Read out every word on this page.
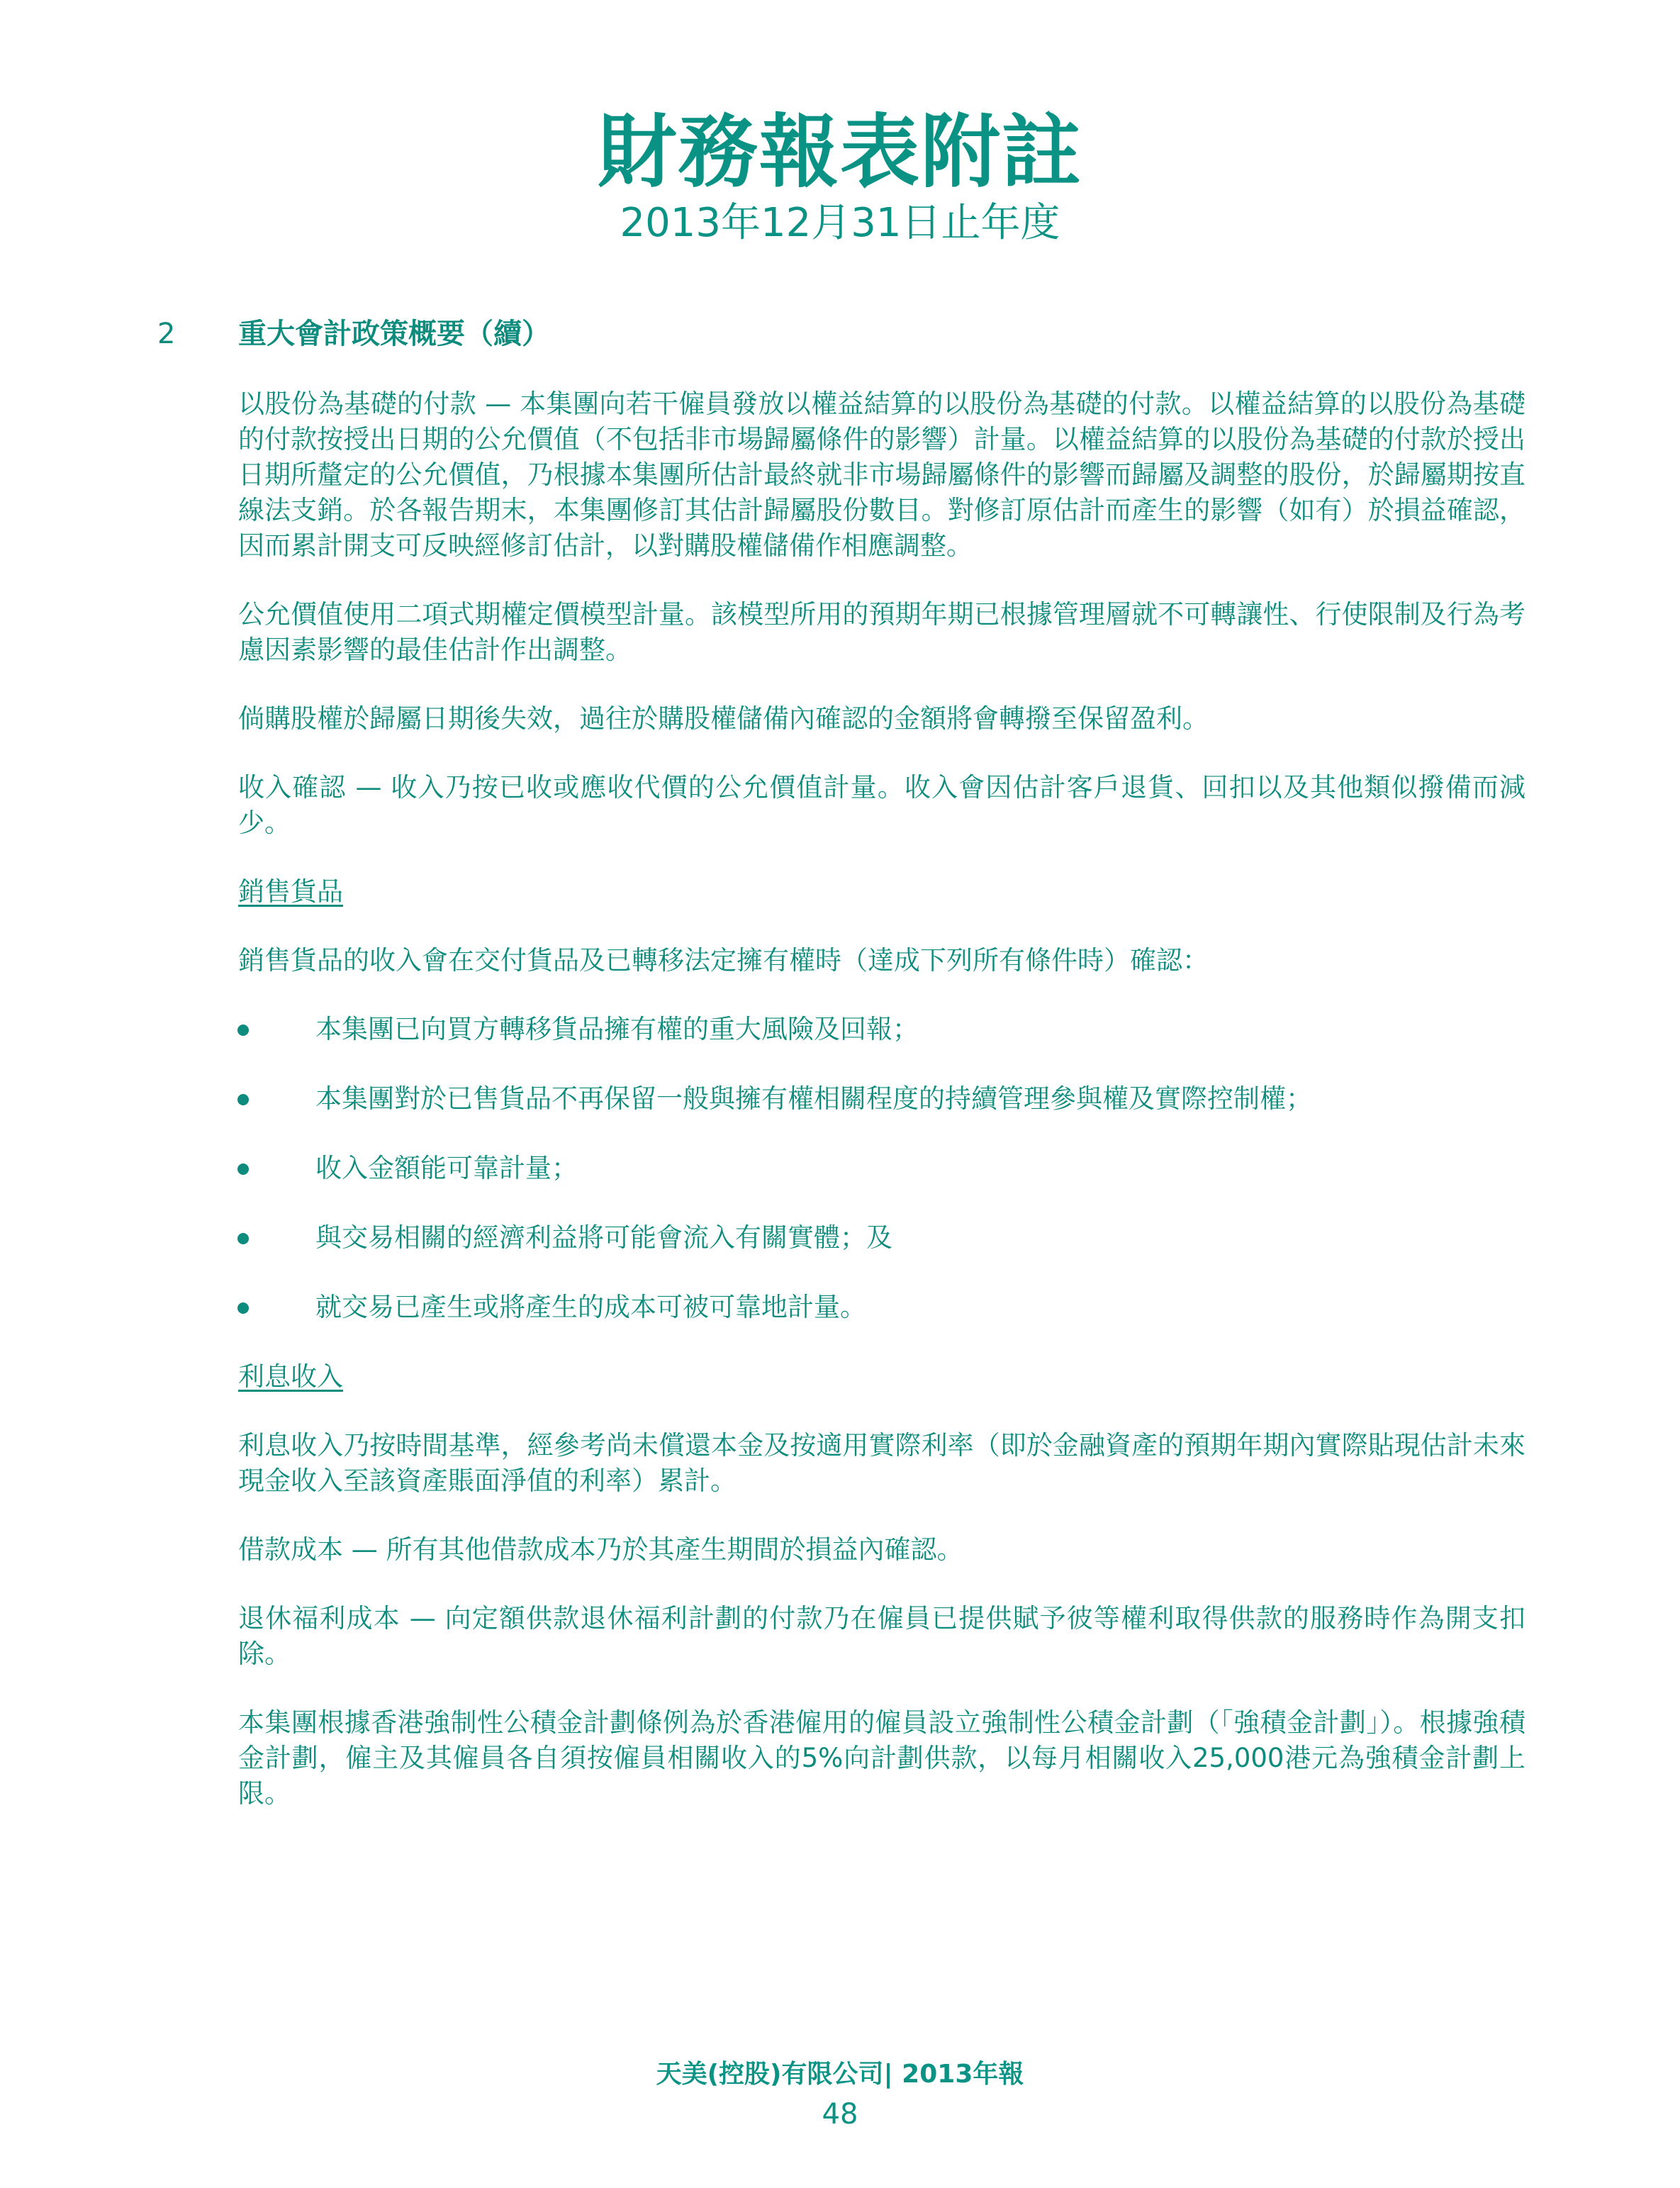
財務報表附註
2013年12月31日止年度
2 重大會計政策概要（續）

以股份為基礎的付款 — 本集團向若干僱員發放以權益結算的以股份為基礎的付款。以權益結算的以股份為基礎的付款按授出日期的公允價值（不包括非市場歸屬條件的影響）計量。以權益結算的以股份為基礎的付款於授出日期所釐定的公允價值，乃根據本集團所估計最終就非市場歸屬條件的影響而歸屬及調整的股份，於歸屬期按直線法支銷。於各報告期末，本集團修訂其估計歸屬股份數目。對修訂原估計而產生的影響（如有）於損益確認，因而累計開支可反映經修訂估計，以對購股權儲備作相應調整。

公允價值使用二項式期權定價模型計量。該模型所用的預期年期已根據管理層就不可轉讓性、行使限制及行為考慮因素影響的最佳估計作出調整。

倘購股權於歸屬日期後失效，過往於購股權儲備內確認的金額將會轉撥至保留盈利。

收入確認 — 收入乃按已收或應收代價的公允價值計量。收入會因估計客戶退貨、回扣以及其他類似撥備而減少。

銷售貨品

銷售貨品的收入會在交付貨品及已轉移法定擁有權時（達成下列所有條件時）確認：

本集團已向買方轉移貨品擁有權的重大風險及回報；
本集團對於已售貨品不再保留一般與擁有權相關程度的持續管理參與權及實際控制權；
收入金額能可靠計量；
與交易相關的經濟利益將可能會流入有關實體；及
就交易已產生或將產生的成本可被可靠地計量。

利息收入

利息收入乃按時間基準，經參考尚未償還本金及按適用實際利率（即於金融資產的預期年期內實際貼現估計未來現金收入至該資產賬面淨值的利率）累計。

借款成本 — 所有其他借款成本乃於其產生期間於損益內確認。

退休福利成本 — 向定額供款退休福利計劃的付款乃在僱員已提供賦予彼等權利取得供款的服務時作為開支扣除。

本集團根據香港強制性公積金計劃條例為於香港僱用的僱員設立強制性公積金計劃（「強積金計劃」）。根據強積金計劃，僱主及其僱員各自須按僱員相關收入的5%向計劃供款，以每月相關收入25,000港元為強積金計劃上限。

天美(控股)有限公司| 2013年報
48
